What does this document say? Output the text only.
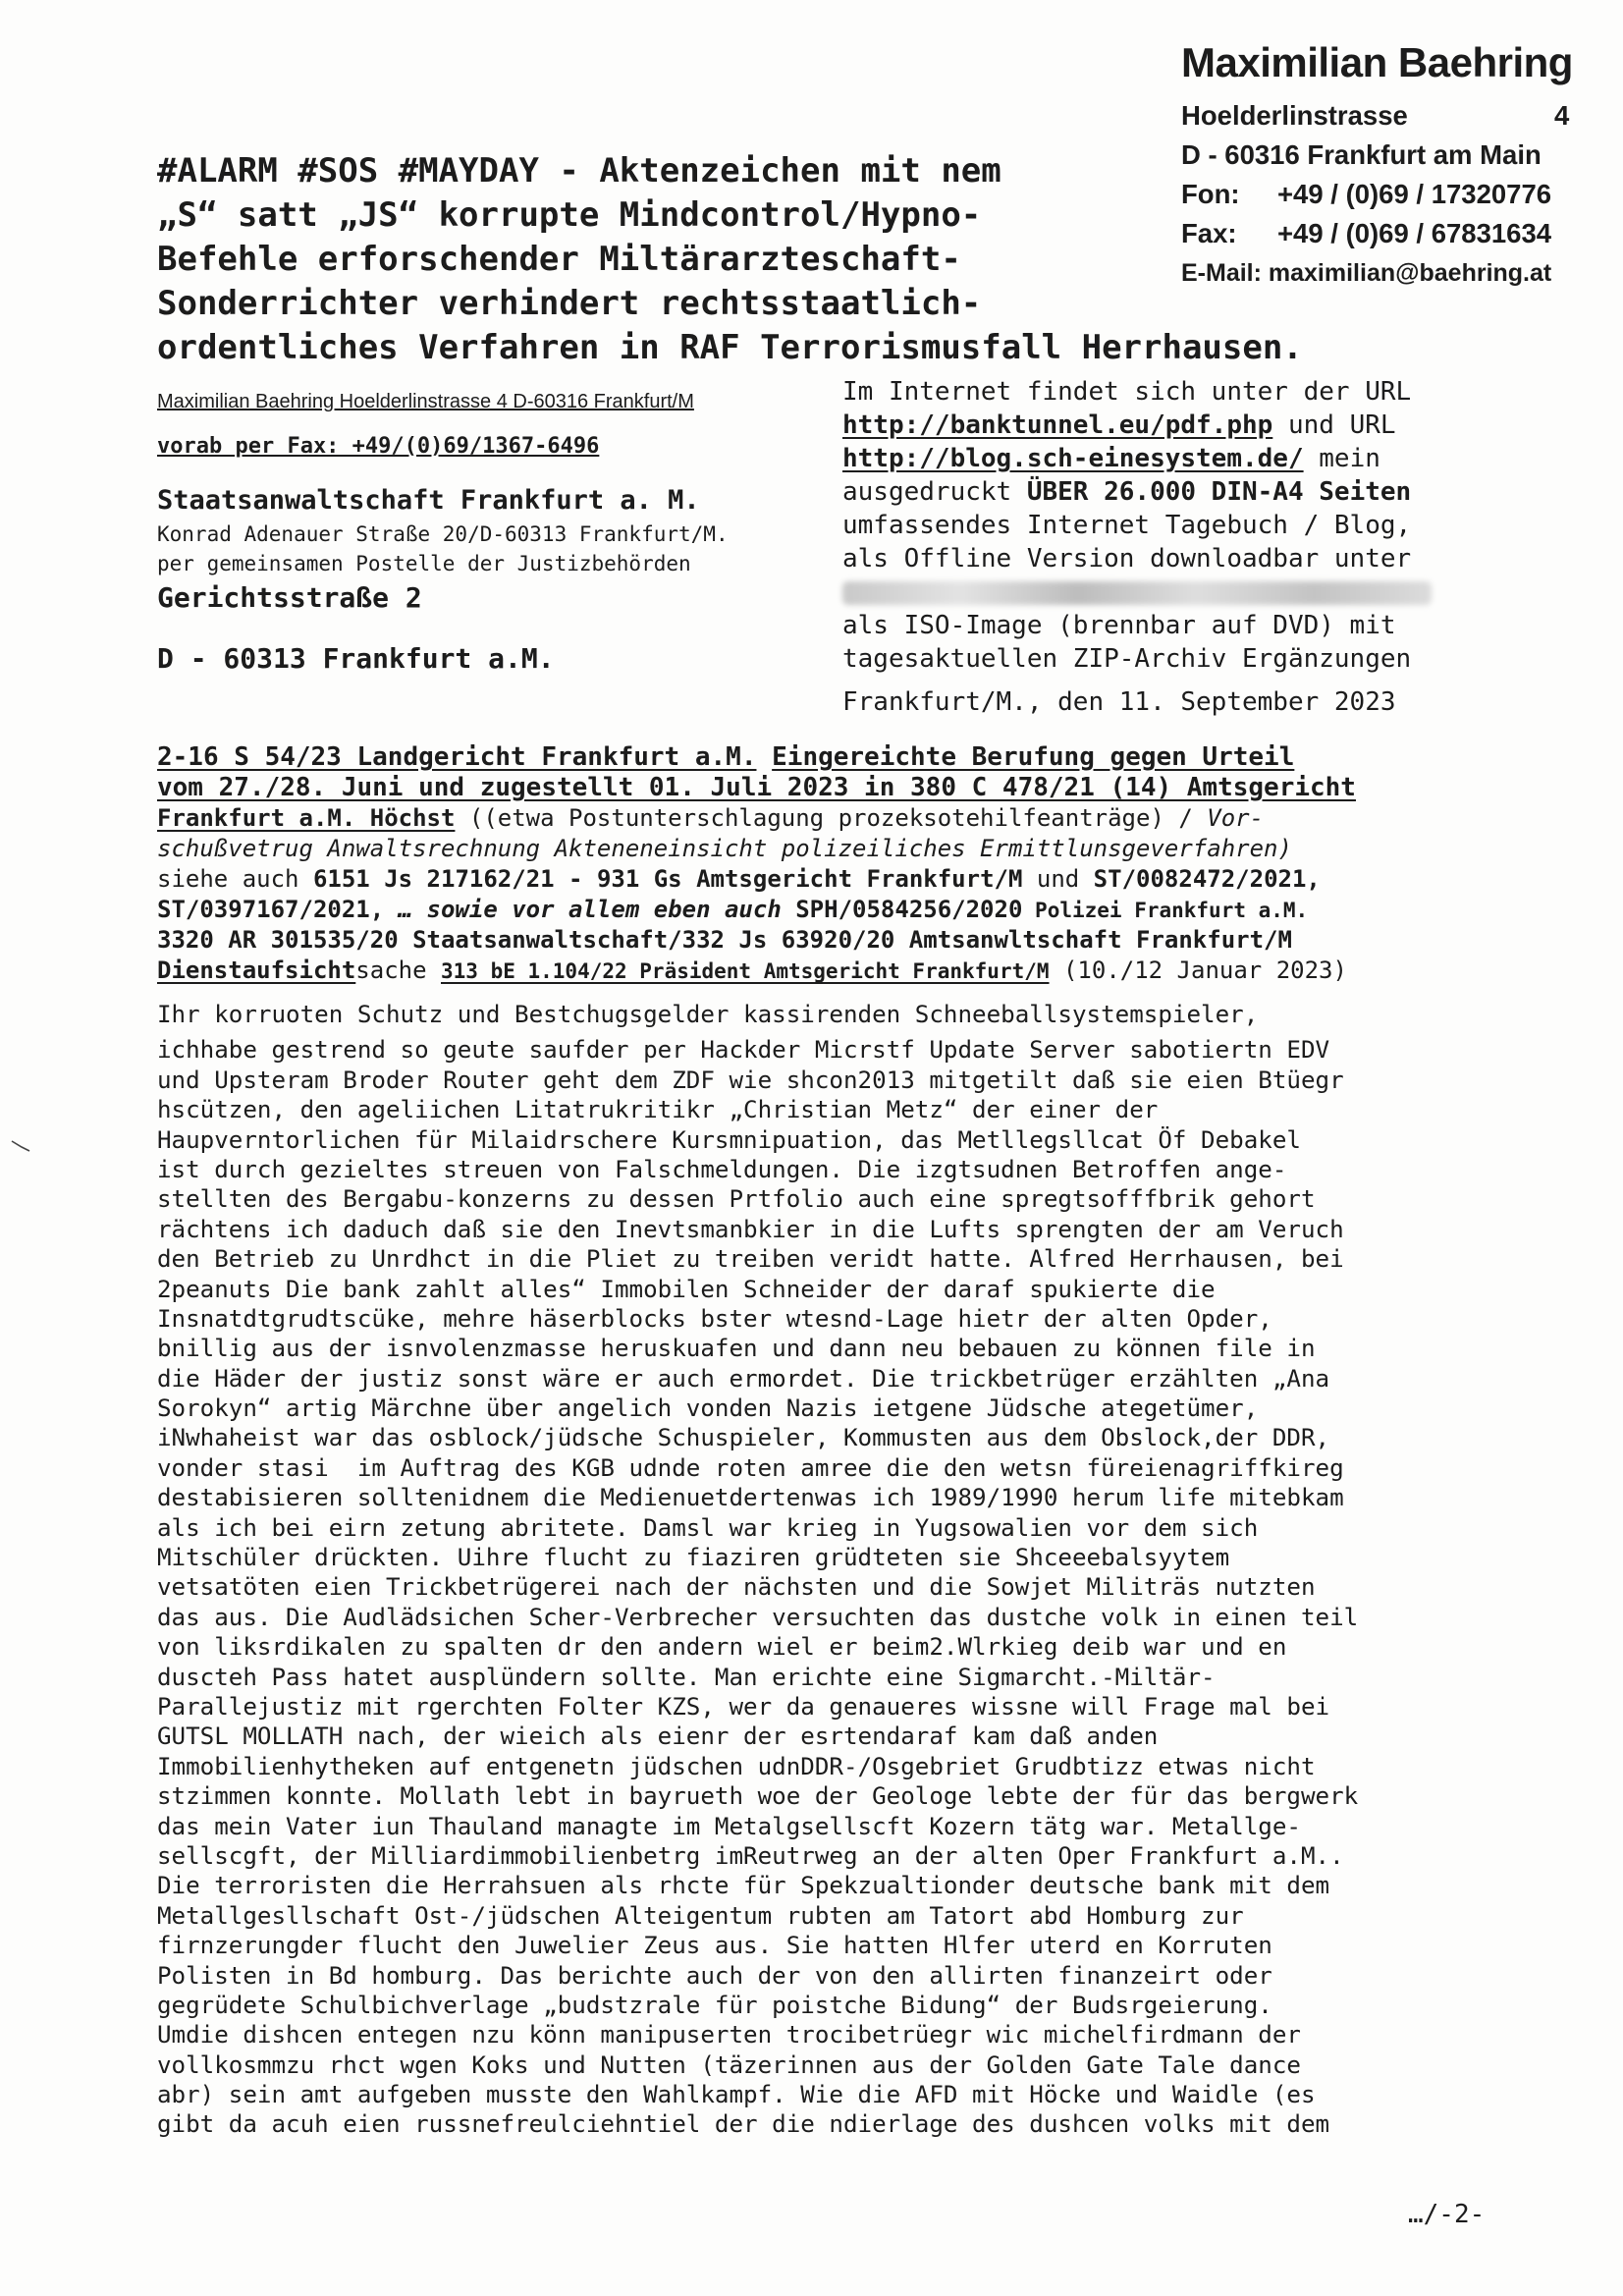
Maximilian Baehring
Hoelderlinstrasse	4
D - 60316 Frankfurt am Main
Fon: +49 / (0)69 / 17320776
Fax: +49 / (0)69 / 67831634
E-Mail: maximilian@baehring.at
#ALARM #SOS #MAYDAY - Aktenzeichen mit nem
„S“ satt „JS“ korrupte Mindcontrol/Hypno-
Befehle erforschender Miltärarzteschaft-
Sonderrichter verhindert rechtsstaatlich-
ordentliches Verfahren in RAF Terrorismusfall Herrhausen.
Maximilian Baehring Hoelderlinstrasse 4 D-60316 Frankfurt/M
vorab per Fax: +49/(0)69/1367-6496
Staatsanwaltschaft Frankfurt a. M.
Konrad Adenauer Straße 20/D-60313 Frankfurt/M.
per gemeinsamen Postelle der Justizbehörden
Gerichtsstraße 2
D - 60313 Frankfurt a.M.
Im Internet findet sich unter der URL
http://banktunnel.eu/pdf.php und URL
http://blog.sch-einesystem.de/ mein
ausgedruckt ÜBER 26.000 DIN-A4 Seiten
umfassendes Internet Tagebuch / Blog,
als Offline Version downloadbar unter
als ISO-Image (brennbar auf DVD) mit
tagesaktuellen ZIP-Archiv Ergänzungen
Frankfurt/M., den 11. September 2023
2-16 S 54/23 Landgericht Frankfurt a.M. Eingereichte Berufung gegen Urteil
vom 27./28. Juni und zugestellt 01. Juli 2023 in 380 C 478/21 (14) Amtsgericht
Frankfurt a.M. Höchst ((etwa Postunterschlagung prozeksotehilfeanträge) / Vor-
schußvetrug Anwaltsrechnung Akteneneinsicht polizeiliches Ermittlunsgeverfahren)
siehe auch 6151 Js 217162/21 - 931 Gs Amtsgericht Frankfurt/M und ST/0082472/2021,
ST/0397167/2021, … sowie vor allem eben auch SPH/0584256/2020 Polizei Frankfurt a.M.
3320 AR 301535/20 Staatsanwaltschaft/332 Js 63920/20 Amtsanwltschaft Frankfurt/M
Dienstaufsichtsache 313 bE 1.104/22 Präsident Amtsgericht Frankfurt/M (10./12 Januar 2023)
Ihr korruoten Schutz und Bestchugsgelder kassirenden Schneeballsystemspieler,
ichhabe gestrend so geute saufder per Hackder Micrstf Update Server sabotiertn EDV
und Upsteram Broder Router geht dem ZDF wie shcon2013 mitgetilt daß sie eien Btüegr
hscützen, den ageliichen Litatrukritikr „Christian Metz“ der einer der
Haupverntorlichen für Milaidrschere Kursmnipuation, das Metllegsllcat Öf Debakel
ist durch gezieltes streuen von Falschmeldungen. Die izgtsudnen Betroffen ange-
stellten des Bergabu-konzerns zu dessen Prtfolio auch eine spregtsofffbrik gehort
rächtens ich daduch daß sie den Inevtsmanbkier in die Lufts sprengten der am Veruch
den Betrieb zu Unrdhct in die Pliet zu treiben veridt hatte. Alfred Herrhausen, bei
2peanuts Die bank zahlt alles“ Immobilen Schneider der daraf spukierte die
Insnatdtgrudtscüke, mehre häserblocks bster wtesnd-Lage hietr der alten Opder,
bnillig aus der isnvolenzmasse heruskuafen und dann neu bebauen zu können file in
die Häder der justiz sonst wäre er auch ermordet. Die trickbetrüger erzählten „Ana
Sorokyn“ artig Märchne über angelich vonden Nazis ietgene Jüdsche ategetümer,
iNwhaheist war das osblock/jüdsche Schuspieler, Kommusten aus dem Obslock,der DDR,
vonder stasi  im Auftrag des KGB udnde roten amree die den wetsn füreienagriffkireg
destabisieren solltenidnem die Medienuetdertenwas ich 1989/1990 herum life mitebkam
als ich bei eirn zetung abritete. Damsl war krieg in Yugsowalien vor dem sich
Mitschüler drückten. Uihre flucht zu fiaziren grüdteten sie Shceeebalsyytem
vetsatöten eien Trickbetrügerei nach der nächsten und die Sowjet Militräs nutzten
das aus. Die Audlädsichen Scher-Verbrecher versuchten das dustche volk in einen teil
von liksrdikalen zu spalten dr den andern wiel er beim2.Wlrkieg deib war und en
duscteh Pass hatet ausplündern sollte. Man erichte eine Sigmarcht.-Miltär-
Parallejustiz mit rgerchten Folter KZS, wer da genaueres wissne will Frage mal bei
GUTSL MOLLATH nach, der wieich als eienr der esrtendaraf kam daß anden
Immobilienhytheken auf entgenetn jüdschen udnDDR-/Osgebriet Grudbtizz etwas nicht
stzimmen konnte. Mollath lebt in bayrueth woe der Geologe lebte der für das bergwerk
das mein Vater iun Thauland managte im Metalgsellscft Kozern tätg war. Metallge-
sellscgft, der Milliardimmobilienbetrg imReutrweg an der alten Oper Frankfurt a.M..
Die terroristen die Herrahsuen als rhcte für Spekzualtionder deutsche bank mit dem
Metallgesllschaft Ost-/jüdschen Alteigentum rubten am Tatort abd Homburg zur
firnzerungder flucht den Juwelier Zeus aus. Sie hatten Hlfer uterd en Korruten
Polisten in Bd homburg. Das berichte auch der von den allirten finanzeirt oder
gegrüdete Schulbichverlage „budstzrale für poistche Bidung“ der Budsrgeierung.
Umdie dishcen entegen nzu könn manipuserten trocibetrüegr wic michelfirdmann der
vollkosmmzu rhct wgen Koks und Nutten (täzerinnen aus der Golden Gate Tale dance
abr) sein amt aufgeben musste den Wahlkampf. Wie die AFD mit Höcke und Waidle (es
gibt da acuh eien russnefreulciehntiel der die ndierlage des dushcen volks mit dem
…/-2-
